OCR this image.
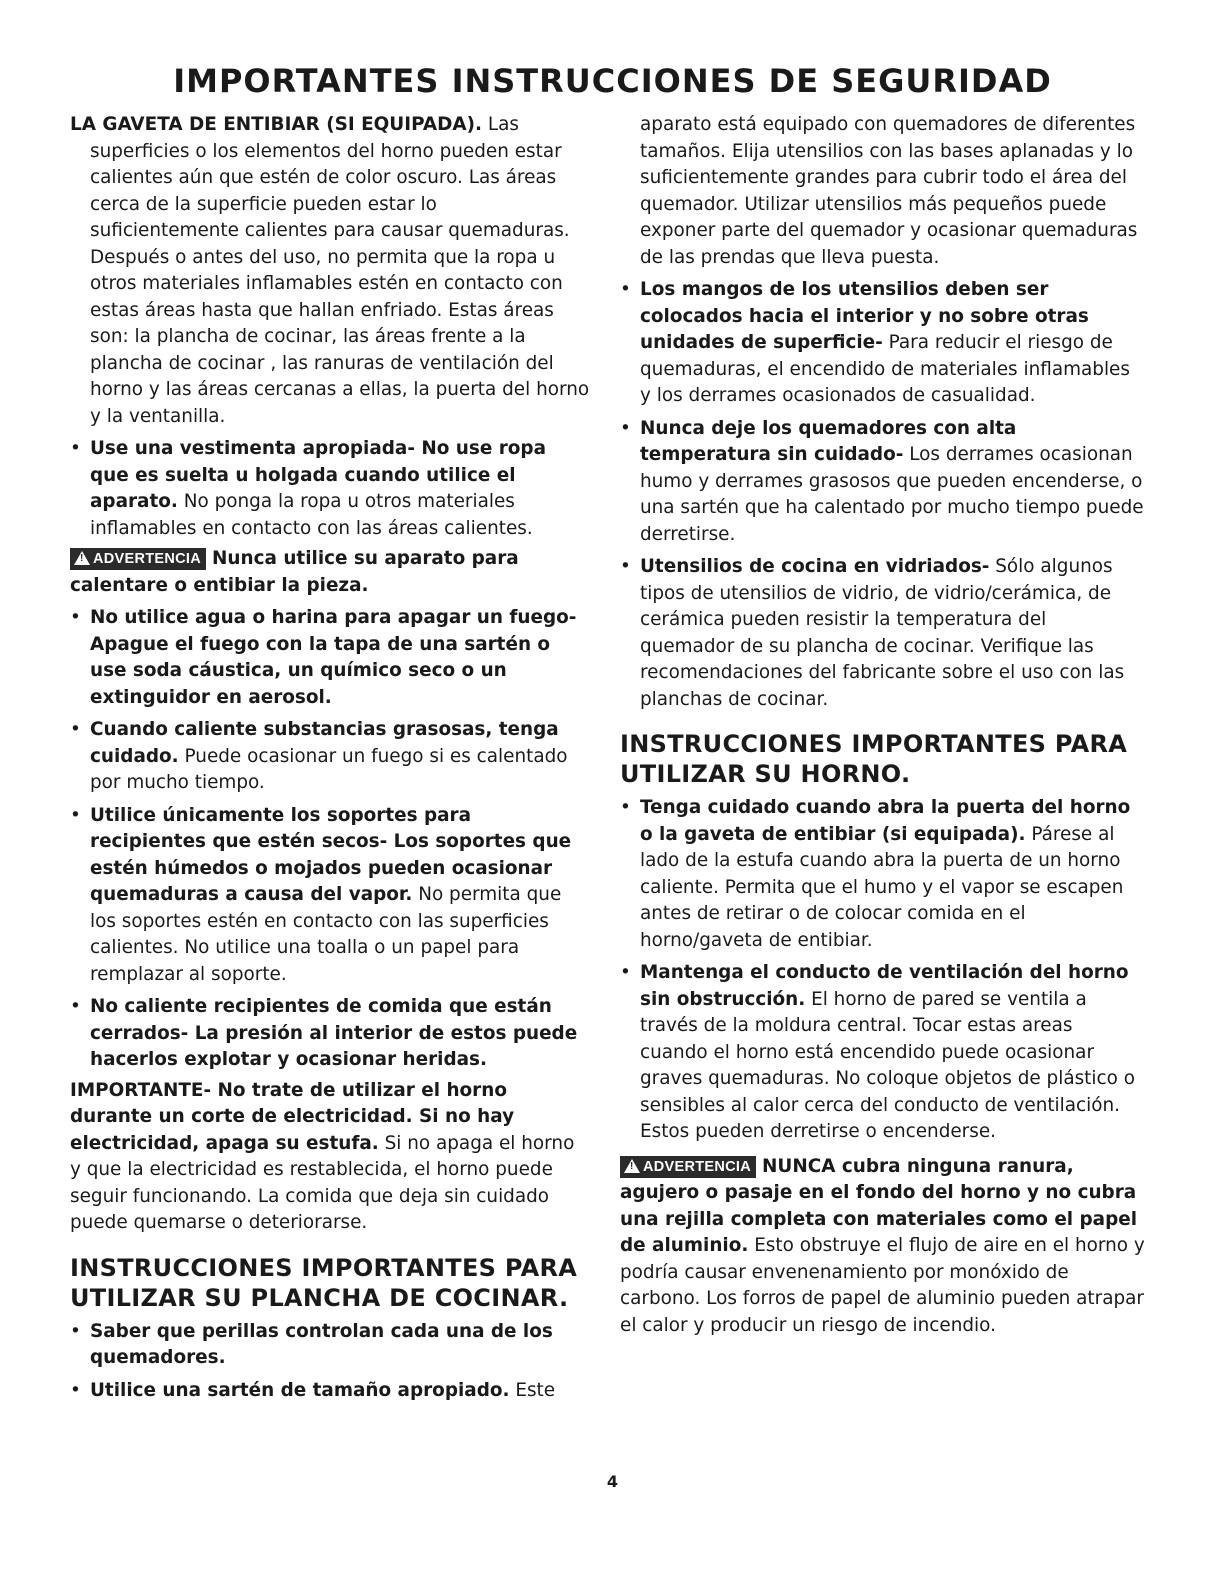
IMPORTANTES INSTRUCCIONES DE SEGURIDAD

LA GAVETA DE ENTIBIAR (SI EQUIPADA). Las superficies o los elementos del horno pueden estar calientes aún que estén de color oscuro. Las áreas cerca de la superficie pueden estar lo suficientemente calientes para causar quemaduras. Después o antes del uso, no permita que la ropa u otros materiales inflamables estén en contacto con estas áreas hasta que hallan enfriado. Estas áreas son: la plancha de cocinar, las áreas frente a la plancha de cocinar , las ranuras de ventilación del horno y las áreas cercanas a ellas, la puerta del horno y la ventanilla.

• Use una vestimenta apropiada- No use ropa que es suelta u holgada cuando utilice el aparato. No ponga la ropa u otros materiales inflamables en contacto con las áreas calientes.
!ADVERTENCIA Nunca utilice su aparato para calentare o entibiar la pieza.
• No utilice agua o harina para apagar un fuego- Apague el fuego con la tapa de una sartén o use soda cáustica, un químico seco o un extinguidor en aerosol.
• Cuando caliente substancias grasosas, tenga cuidado. Puede ocasionar un fuego si es calentado por mucho tiempo.
• Utilice únicamente los soportes para recipientes que estén secos- Los soportes que estén húmedos o mojados pueden ocasionar quemaduras a causa del vapor. No permita que los soportes estén en contacto con las superficies calientes. No utilice una toalla o un papel para remplazar al soporte.
• No caliente recipientes de comida que están cerrados- La presión al interior de estos puede hacerlos explotar y ocasionar heridas.

IMPORTANTE- No trate de utilizar el horno durante un corte de electricidad. Si no hay electricidad, apaga su estufa. Si no apaga el horno y que la electricidad es restablecida, el horno puede seguir funcionando. La comida que deja sin cuidado puede quemarse o deteriorarse.

INSTRUCCIONES IMPORTANTES PARA UTILIZAR SU PLANCHA DE COCINAR.
• Saber que perillas controlan cada una de los quemadores.
• Utilice una sartén de tamaño apropiado. Este

aparato está equipado con quemadores de diferentes tamaños. Elija utensilios con las bases aplanadas y lo suficientemente grandes para cubrir todo el área del quemador. Utilizar utensilios más pequeños puede exponer parte del quemador y ocasionar quemaduras de las prendas que lleva puesta.

• Los mangos de los utensilios deben ser colocados hacia el interior y no sobre otras unidades de superficie- Para reducir el riesgo de quemaduras, el encendido de materiales inflamables y los derrames ocasionados de casualidad.
• Nunca deje los quemadores con alta temperatura sin cuidado- Los derrames ocasionan humo y derrames grasosos que pueden encenderse, o una sartén que ha calentado por mucho tiempo puede derretirse.
• Utensilios de cocina en vidriados- Sólo algunos tipos de utensilios de vidrio, de vidrio/cerámica, de cerámica pueden resistir la temperatura del quemador de su plancha de cocinar. Verifique las recomendaciones del fabricante sobre el uso con las planchas de cocinar.
INSTRUCCIONES IMPORTANTES PARA UTILIZAR SU HORNO.
• Tenga cuidado cuando abra la puerta del horno o la gaveta de entibiar (si equipada). Párese al lado de la estufa cuando abra la puerta de un horno caliente. Permita que el humo y el vapor se escapen antes de retirar o de colocar comida en el horno/gaveta de entibiar.
• Mantenga el conducto de ventilación del horno sin obstrucción. El horno de pared se ventila a través de la moldura central. Tocar estas areas cuando el horno está encendido puede ocasionar graves quemaduras. No coloque objetos de plástico o sensibles al calor cerca del conducto de ventilación. Estos pueden derretirse o encenderse.

!ADVERTENCIA NUNCA cubra ninguna ranura, agujero o pasaje en el fondo del horno y no cubra una rejilla completa con materiales como el papel de aluminio. Esto obstruye el flujo de aire en el horno y podría causar envenenamiento por monóxido de carbono. Los forros de papel de aluminio pueden atrapar el calor y producir un riesgo de incendio.

4
